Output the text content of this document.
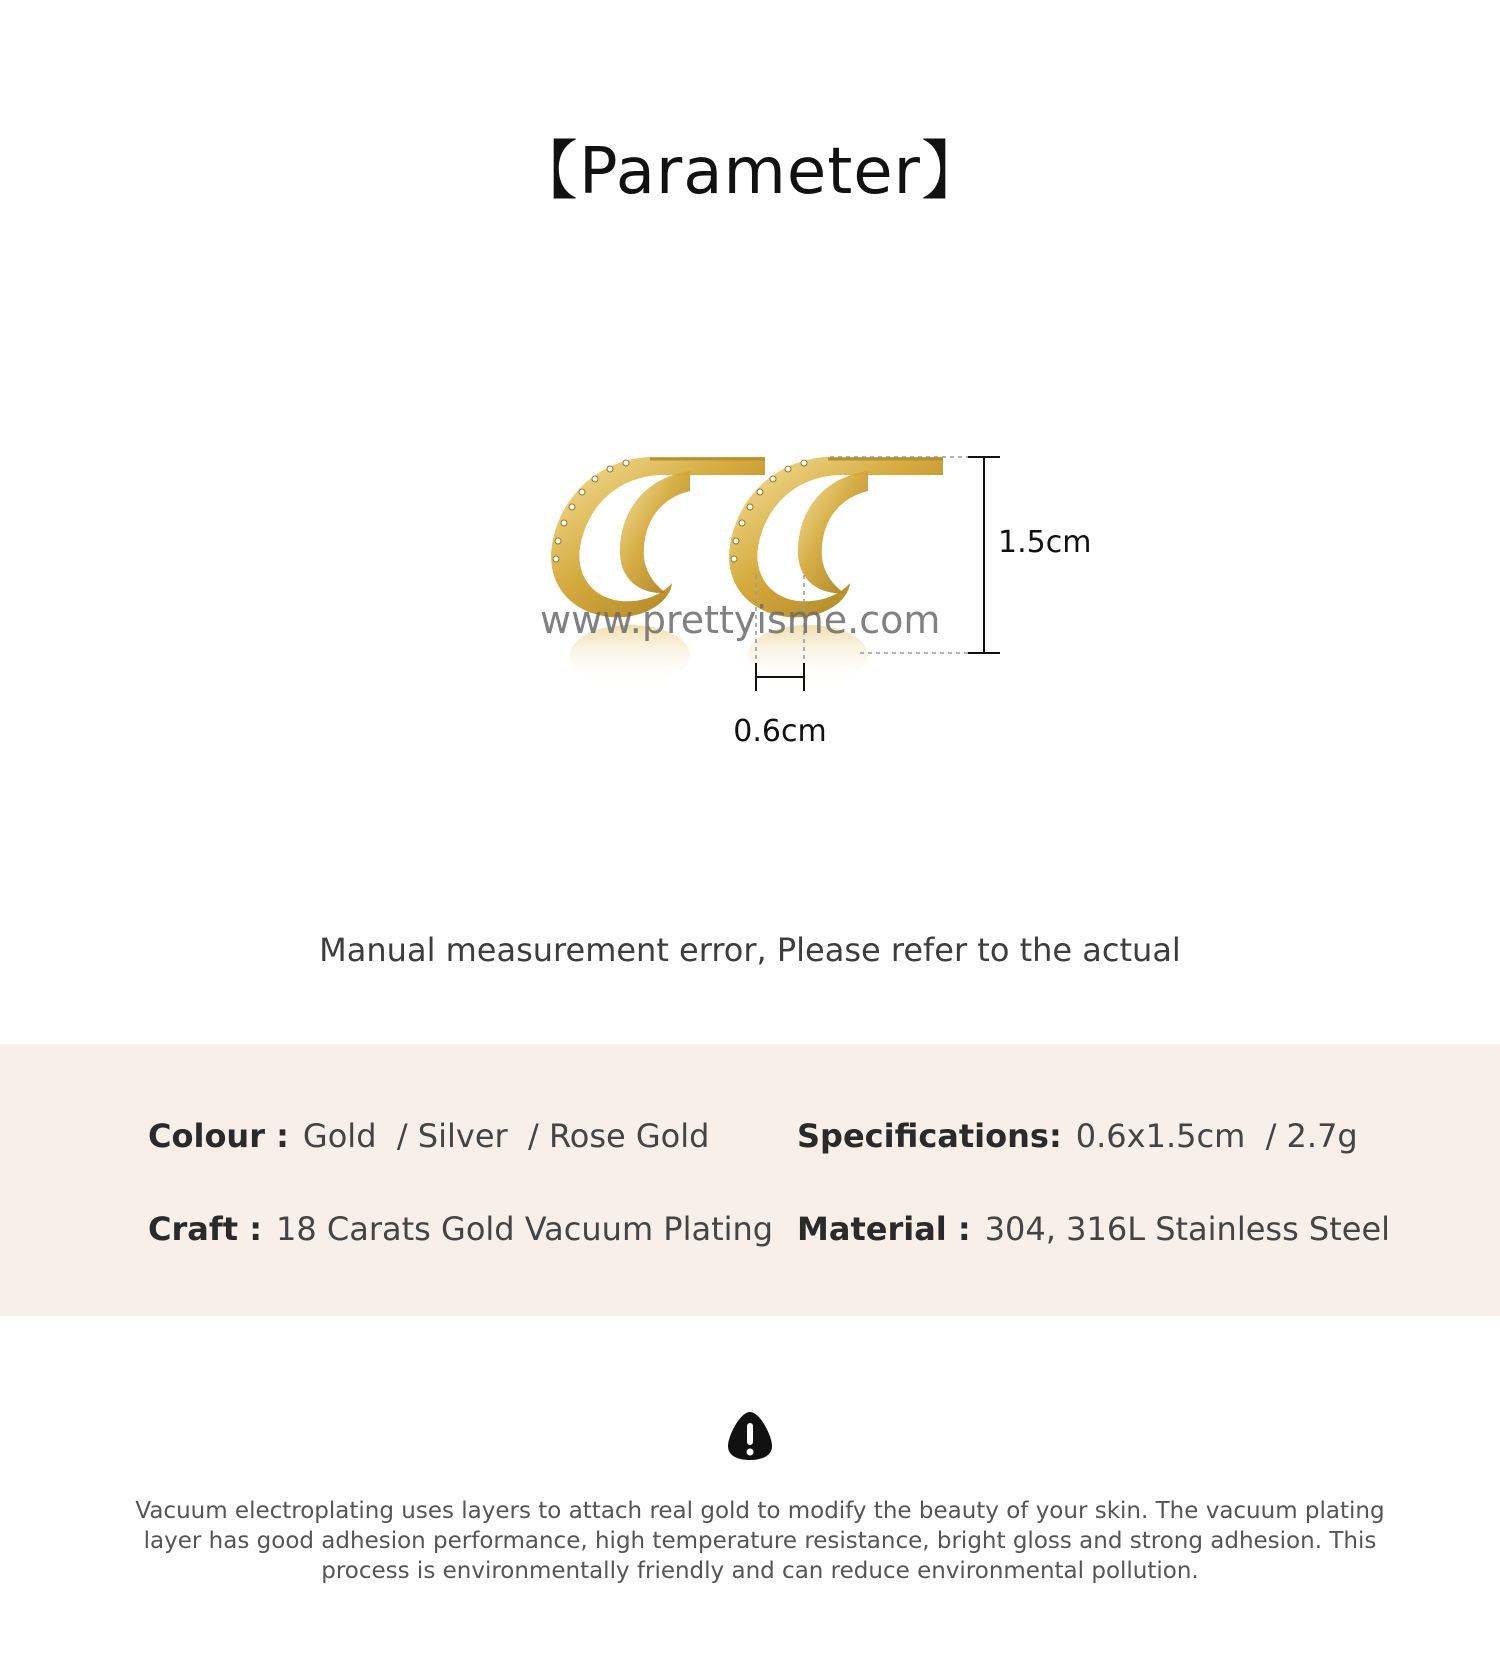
【Parameter】
1.5cm
0.6cm
www.prettyisme.com
Manual measurement error, Please refer to the actual
Colour : Gold  / Silver  / Rose Gold	Specifications: 0.6x1.5cm  / 2.7g
Craft : 18 Carats Gold Vacuum Plating Material : 304, 316L Stainless Steel
Vacuum electroplating uses layers to attach real gold to modify the beauty of your skin. The vacuum plating layer has good adhesion performance, high temperature resistance, bright gloss and strong adhesion. This process is environmentally friendly and can reduce environmental pollution.
